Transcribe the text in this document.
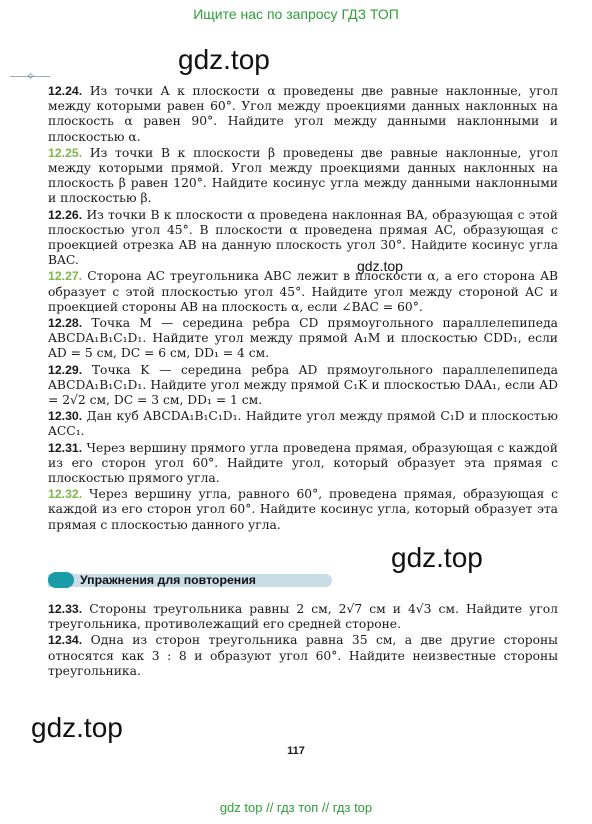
Ищите нас по запросу ГДЗ ТОП
✧
gdz.top
gdz.top
gdz.top
gdz.top

12.24. Из точки A к плоскости α проведены две равные наклонные, угол между которыми равен 60°. Угол между проекциями данных наклонных на плоскость α равен 90°. Найдите угол между данными наклонными и плоскостью α.

12.25. Из точки B к плоскости β проведены две равные наклонные, угол между которыми прямой. Угол между проекциями данных наклонных на плоскость β равен 120°. Найдите косинус угла между данными наклонными и плоскостью β.

12.26. Из точки B к плоскости α проведена наклонная BA, образующая с этой плоскостью угол 45°. В плоскости α проведена прямая AC, образующая с проекцией отрезка AB на данную плоскость угол 30°. Найдите косинус угла BAC.

12.27. Сторона AC треугольника ABC лежит в плоскости α, а его сторона AB образует с этой плоскостью угол 45°. Найдите угол между стороной AC и проекцией стороны AB на плоскость α, если ∠BAC = 60°.

12.28. Точка M — середина ребра CD прямоугольного параллелепипеда ABCDA₁B₁C₁D₁. Найдите угол между прямой A₁M и плоскостью CDD₁, если AD = 5 см, DC = 6 см, DD₁ = 4 см.

12.29. Точка K — середина ребра AD прямоугольного параллелепипеда ABCDA₁B₁C₁D₁. Найдите угол между прямой C₁K и плоскостью DAA₁, если AD = 2√2 см, DC = 3 см, DD₁ = 1 см.

12.30. Дан куб ABCDA₁B₁C₁D₁. Найдите угол между прямой C₁D и плоскостью ACC₁.

12.31. Через вершину прямого угла проведена прямая, образующая с каждой из его сторон угол 60°. Найдите угол, который образует эта прямая с плоскостью прямого угла.

12.32. Через вершину угла, равного 60°, проведена прямая, образующая с каждой из его сторон угол 60°. Найдите косинус угла, который образует эта прямая с плоскостью данного угла.

Упражнения для повторения

12.33. Стороны треугольника равны 2 см, 2√7 см и 4√3 см. Найдите угол треугольника, противолежащий его средней стороне.

12.34. Одна из сторон треугольника равна 35 см, а две другие стороны относятся как 3 : 8 и образуют угол 60°. Найдите неизвестные стороны треугольника.

117
gdz top // гдз топ // гдз top
